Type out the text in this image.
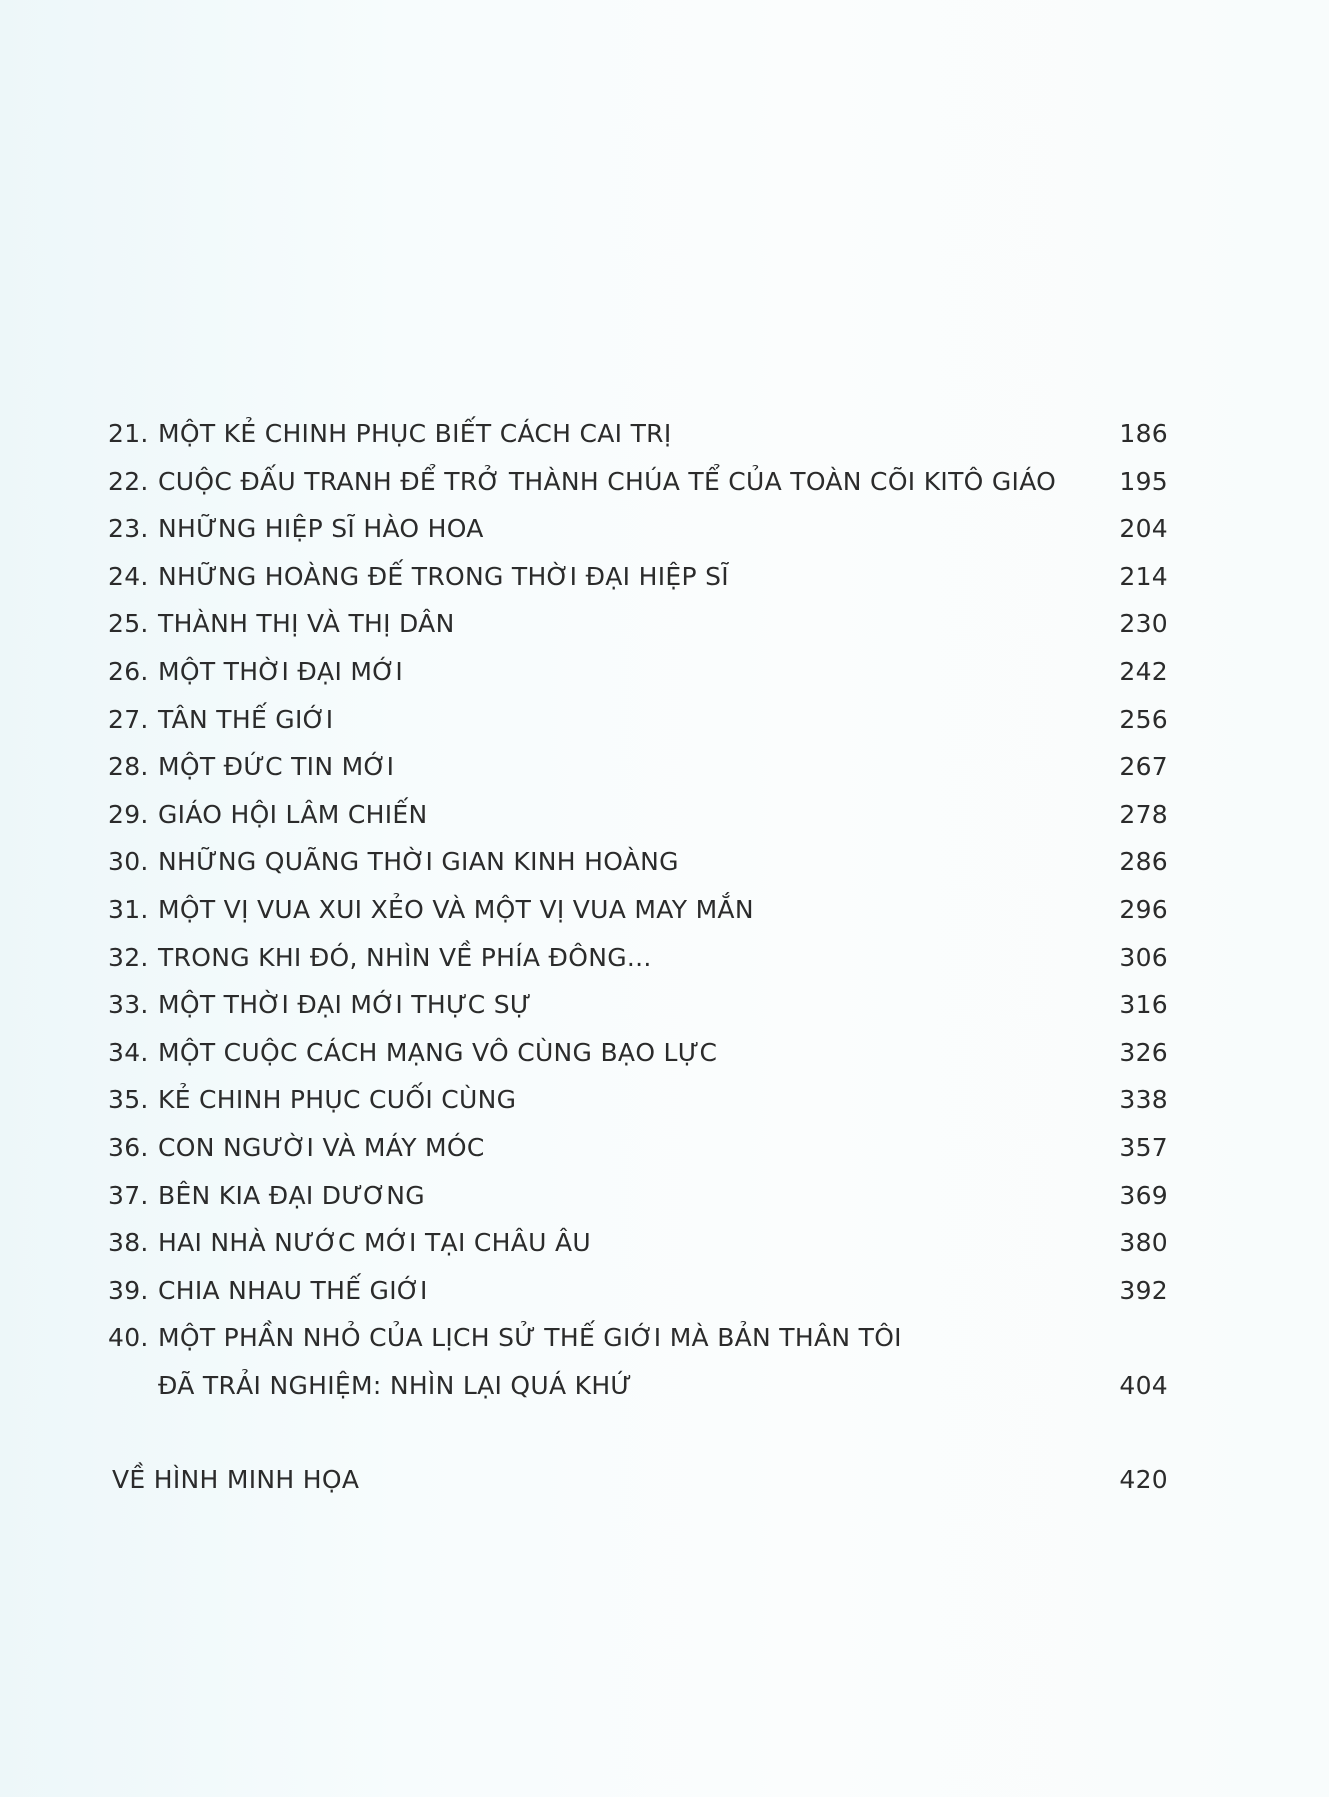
21. MỘT KẺ CHINH PHỤC BIẾT CÁCH CAI TRỊ	186
22. CUỘC ĐẤU TRANH ĐỂ TRỞ THÀNH CHÚA TỂ CỦA TOÀN CÕI KITÔ GIÁO	195
23. NHỮNG HIỆP SĨ HÀO HOA	204
24. NHỮNG HOÀNG ĐẾ TRONG THỜI ĐẠI HIỆP SĨ	214
25. THÀNH THỊ VÀ THỊ DÂN	230
26. MỘT THỜI ĐẠI MỚI	242
27. TÂN THẾ GIỚI	256
28. MỘT ĐỨC TIN MỚI	267
29. GIÁO HỘI LÂM CHIẾN	278
30. NHỮNG QUÃNG THỜI GIAN KINH HOÀNG	286
31. MỘT VỊ VUA XUI XẺO VÀ MỘT VỊ VUA MAY MẮN	296
32. TRONG KHI ĐÓ, NHÌN VỀ PHÍA ĐÔNG...	306
33. MỘT THỜI ĐẠI MỚI THỰC SỰ	316
34. MỘT CUỘC CÁCH MẠNG VÔ CÙNG BẠO LỰC	326
35. KẺ CHINH PHỤC CUỐI CÙNG	338
36. CON NGƯỜI VÀ MÁY MÓC	357
37. BÊN KIA ĐẠI DƯƠNG	369
38. HAI NHÀ NƯỚC MỚI TẠI CHÂU ÂU	380
39. CHIA NHAU THẾ GIỚI	392
40. MỘT PHẦN NHỎ CỦA LỊCH SỬ THẾ GIỚI MÀ BẢN THÂN TÔI
ĐÃ TRẢI NGHIỆM: NHÌN LẠI QUÁ KHỨ	404
VỀ HÌNH MINH HỌA	420
